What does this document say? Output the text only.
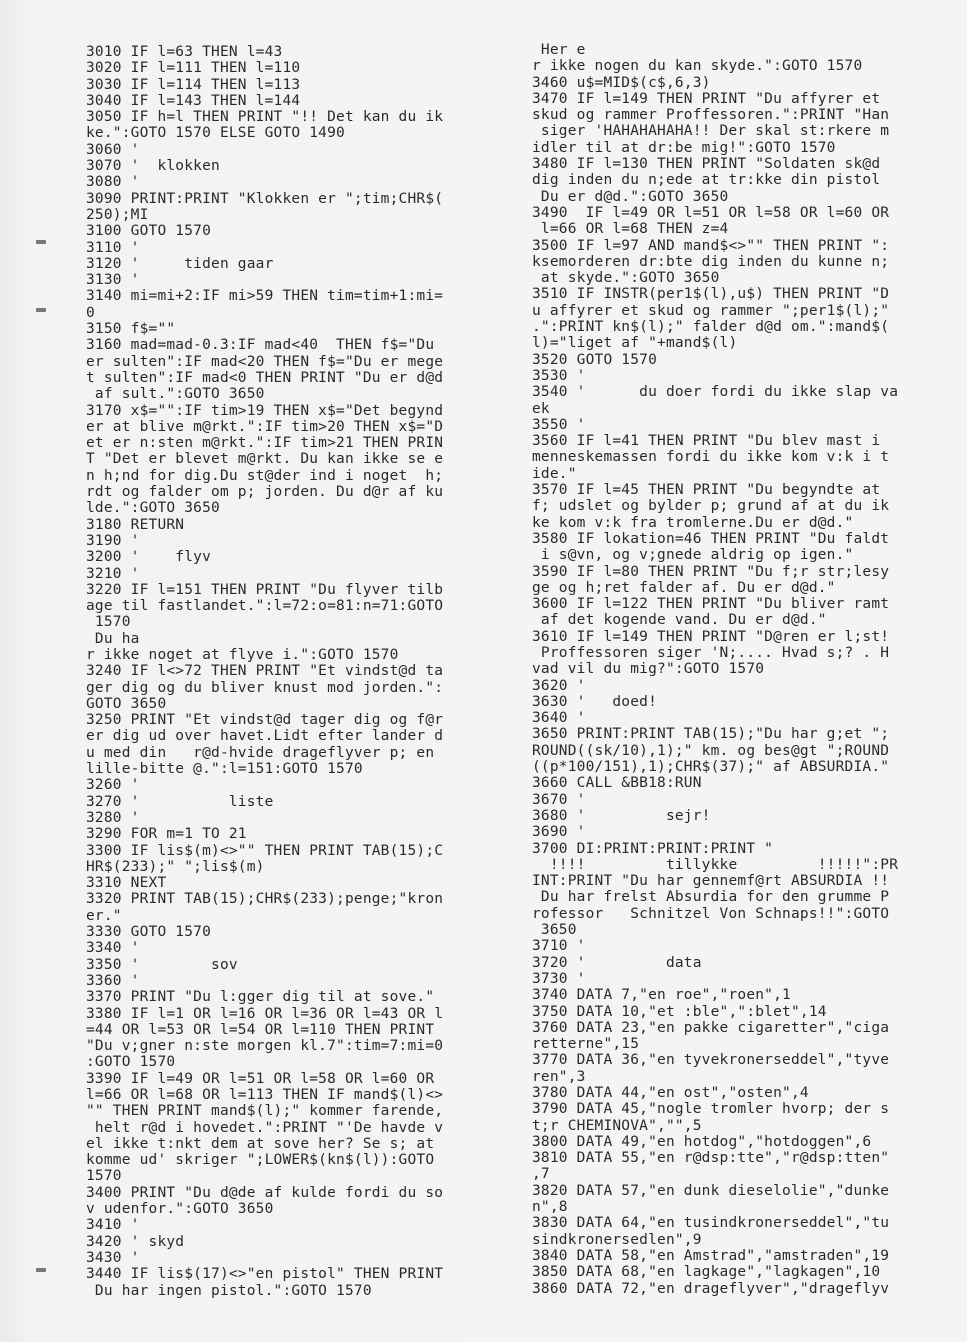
3010 IF l=63 THEN l=43
3020 IF l=111 THEN l=110
3030 IF l=114 THEN l=113
3040 IF l=143 THEN l=144
3050 IF h=l THEN PRINT "!! Det kan du ik
ke.":GOTO 1570 ELSE GOTO 1490
3060 '
3070 '  klokken
3080 '
3090 PRINT:PRINT "Klokken er ";tim;CHR$(
250);MI
3100 GOTO 1570
3110 '
3120 '     tiden gaar
3130 '
3140 mi=mi+2:IF mi>59 THEN tim=tim+1:mi=
0
3150 f$=""
3160 mad=mad-0.3:IF mad<40  THEN f$="Du
er sulten":IF mad<20 THEN f$="Du er mege
t sulten":IF mad<0 THEN PRINT "Du er d@d
af sult.":GOTO 3650
3170 x$="":IF tim>19 THEN x$="Det begynd
er at blive m@rkt.":IF tim>20 THEN x$="D
et er n:sten m@rkt.":IF tim>21 THEN PRIN
T "Det er blevet m@rkt. Du kan ikke se e
n h;nd for dig.Du st@der ind i noget  h;
rdt og falder om p; jorden. Du d@r af ku
lde.":GOTO 3650
3180 RETURN
3190 '
3200 '    flyv
3210 '
3220 IF l=151 THEN PRINT "Du flyver tilb
age til fastlandet.":l=72:o=81:n=71:GOTO
1570
Du ha
r ikke noget at flyve i.":GOTO 1570
3240 IF l<>72 THEN PRINT "Et vindst@d ta
ger dig og du bliver knust mod jorden.":
GOTO 3650
3250 PRINT "Et vindst@d tager dig og f@r
er dig ud over havet.Lidt efter lander d
u med din   r@d-hvide drageflyver p; en
lille-bitte @.":l=151:GOTO 1570
3260 '
3270 '          liste
3280 '
3290 FOR m=1 TO 21
3300 IF lis$(m)<>"" THEN PRINT TAB(15);C
HR$(233);" ";lis$(m)
3310 NEXT
3320 PRINT TAB(15);CHR$(233);penge;"kron
er."
3330 GOTO 1570
3340 '
3350 '        sov
3360 '
3370 PRINT "Du l:gger dig til at sove."
3380 IF l=1 OR l=16 OR l=36 OR l=43 OR l
=44 OR l=53 OR l=54 OR l=110 THEN PRINT
"Du v;gner n:ste morgen kl.7":tim=7:mi=0
:GOTO 1570
3390 IF l=49 OR l=51 OR l=58 OR l=60 OR
l=66 OR l=68 OR l=113 THEN IF mand$(l)<>
"" THEN PRINT mand$(l);" kommer farende,
helt r@d i hovedet.":PRINT "'De havde v
el ikke t:nkt dem at sove her? Se s; at
komme ud' skriger ";LOWER$(kn$(l)):GOTO
1570
3400 PRINT "Du d@de af kulde fordi du so
v udenfor.":GOTO 3650
3410 '
3420 ' skyd
3430 '
3440 IF lis$(17)<>"en pistol" THEN PRINT
Du har ingen pistol.":GOTO 1570
Her e
r ikke nogen du kan skyde.":GOTO 1570
3460 u$=MID$(c$,6,3)
3470 IF l=149 THEN PRINT "Du affyrer et
skud og rammer Proffessoren.":PRINT "Han
siger 'HAHAHAHAHA!! Der skal st:rkere m
idler til at dr:be mig!":GOTO 1570
3480 IF l=130 THEN PRINT "Soldaten sk@d
dig inden du n;ede at tr:kke din pistol
Du er d@d.":GOTO 3650
3490  IF l=49 OR l=51 OR l=58 OR l=60 OR
l=66 OR l=68 THEN z=4
3500 IF l=97 AND mand$<>"" THEN PRINT ":
ksemorderen dr:bte dig inden du kunne n;
at skyde.":GOTO 3650
3510 IF INSTR(per1$(l),u$) THEN PRINT "D
u affyrer et skud og rammer ";per1$(l);"
.":PRINT kn$(l);" falder d@d om.":mand$(
l)="liget af "+mand$(l)
3520 GOTO 1570
3530 '
3540 '      du doer fordi du ikke slap va
ek
3550 '
3560 IF l=41 THEN PRINT "Du blev mast i
menneskemassen fordi du ikke kom v:k i t
ide."
3570 IF l=45 THEN PRINT "Du begyndte at
f; udslet og bylder p; grund af at du ik
ke kom v:k fra tromlerne.Du er d@d."
3580 IF lokation=46 THEN PRINT "Du faldt
i s@vn, og v;gnede aldrig op igen."
3590 IF l=80 THEN PRINT "Du f;r str;lesy
ge og h;ret falder af. Du er d@d."
3600 IF l=122 THEN PRINT "Du bliver ramt
af det kogende vand. Du er d@d."
3610 IF l=149 THEN PRINT "D@ren er l;st!
Proffessoren siger 'N;.... Hvad s;? . H
vad vil du mig?":GOTO 1570
3620 '
3630 '   doed!
3640 '
3650 PRINT:PRINT TAB(15);"Du har g;et ";
ROUND((sk/10),1);" km. og bes@gt ";ROUND
((p*100/151),1);CHR$(37);" af ABSURDIA."
3660 CALL &BB18:RUN
3670 '
3680 '         sejr!
3690 '
3700 DI:PRINT:PRINT:PRINT "
!!!!         tillykke         !!!!!":PR
INT:PRINT "Du har gennemf@rt ABSURDIA !!
Du har frelst Absurdia for den grumme P
rofessor   Schnitzel Von Schnaps!!":GOTO
3650
3710 '
3720 '         data
3730 '
3740 DATA 7,"en roe","roen",1
3750 DATA 10,"et :ble",":blet",14
3760 DATA 23,"en pakke cigaretter","ciga
retterne",15
3770 DATA 36,"en tyvekronerseddel","tyve
ren",3
3780 DATA 44,"en ost","osten",4
3790 DATA 45,"nogle tromler hvorp; der s
t;r CHEMINOVA","",5
3800 DATA 49,"en hotdog","hotdoggen",6
3810 DATA 55,"en r@dsp:tte","r@dsp:tten"
,7
3820 DATA 57,"en dunk dieselolie","dunke
n",8
3830 DATA 64,"en tusindkronerseddel","tu
sindkronersedlen",9
3840 DATA 58,"en Amstrad","amstraden",19
3850 DATA 68,"en lagkage","lagkagen",10
3860 DATA 72,"en drageflyver","drageflyv
